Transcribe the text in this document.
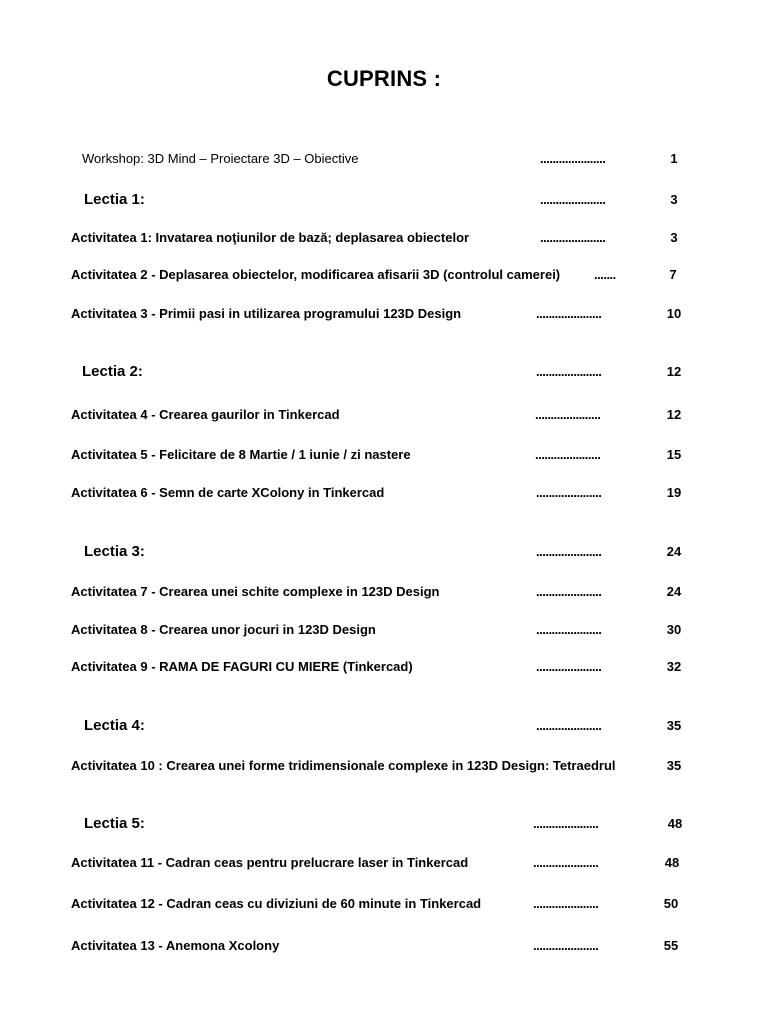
CUPRINS :
Workshop: 3D Mind – Proiectare 3D – Obiective	.....................	1
Lectia 1:	.....................	3
Activitatea 1: Invatarea noţiunilor de bază; deplasarea obiectelor	.....................	3
Activitatea 2 - Deplasarea obiectelor, modificarea afisarii 3D (controlul camerei)	.......	7
Activitatea 3 - Primii pasi in utilizarea programului 123D Design	.....................	10
Lectia 2:	.....................	12
Activitatea 4 - Crearea gaurilor in Tinkercad	.....................	12
Activitatea 5 - Felicitare de 8 Martie / 1 iunie / zi nastere	.....................	15
Activitatea 6 - Semn de carte XColony in Tinkercad	.....................	19
Lectia 3:	.....................	24
Activitatea 7 - Crearea unei schite complexe in 123D Design	.....................	24
Activitatea 8 - Crearea unor jocuri in 123D Design	.....................	30
Activitatea 9 - RAMA DE FAGURI CU MIERE (Tinkercad)	.....................	32
Lectia 4:	.....................	35
Activitatea 10 : Crearea unei forme tridimensionale complexe in 123D Design: Tetraedrul	35
Lectia 5:	.....................	48
Activitatea 11 - Cadran ceas pentru prelucrare laser in Tinkercad	.....................	48
Activitatea 12 - Cadran ceas cu diviziuni de 60 minute in Tinkercad	.....................	50
Activitatea 13 - Anemona Xcolony	.....................	55
